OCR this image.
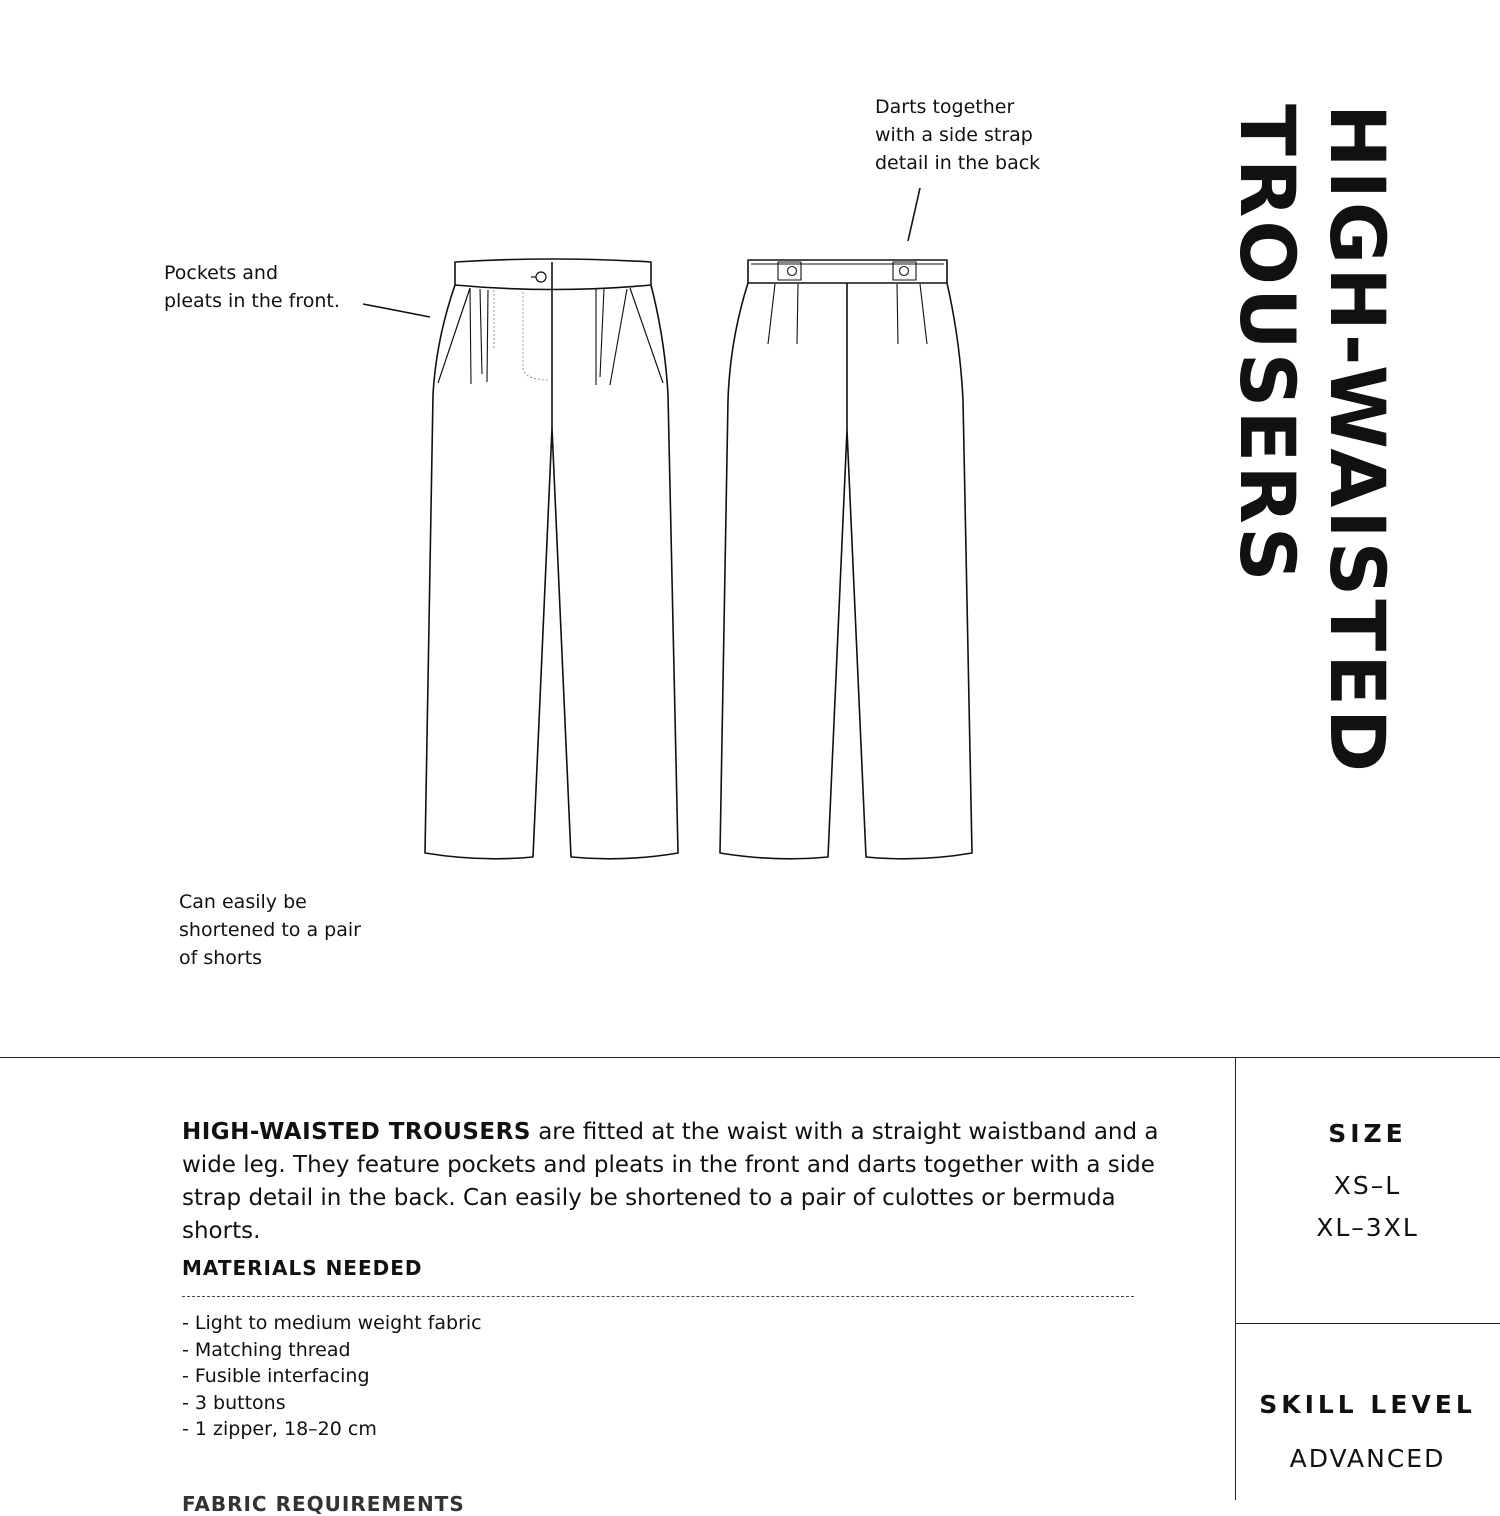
HIGH-WAISTED
TROUSERS
Pockets and
pleats in the front.
Darts together
with a side strap
detail in the back
Can easily be
shortened to a pair
of shorts
HIGH-WAISTED TROUSERS are fitted at the waist with a straight waistband and a wide leg. They feature pockets and pleats in the front and darts together with a side strap detail in the back. Can easily be shortened to a pair of culottes or bermuda shorts.
MATERIALS NEEDED
- Light to medium weight fabric
- Matching thread
- Fusible interfacing
- 3 buttons
- 1 zipper, 18–20 cm
SIZE
XS–L
XL–3XL
SKILL LEVEL
ADVANCED
FABRIC REQUIREMENTS
